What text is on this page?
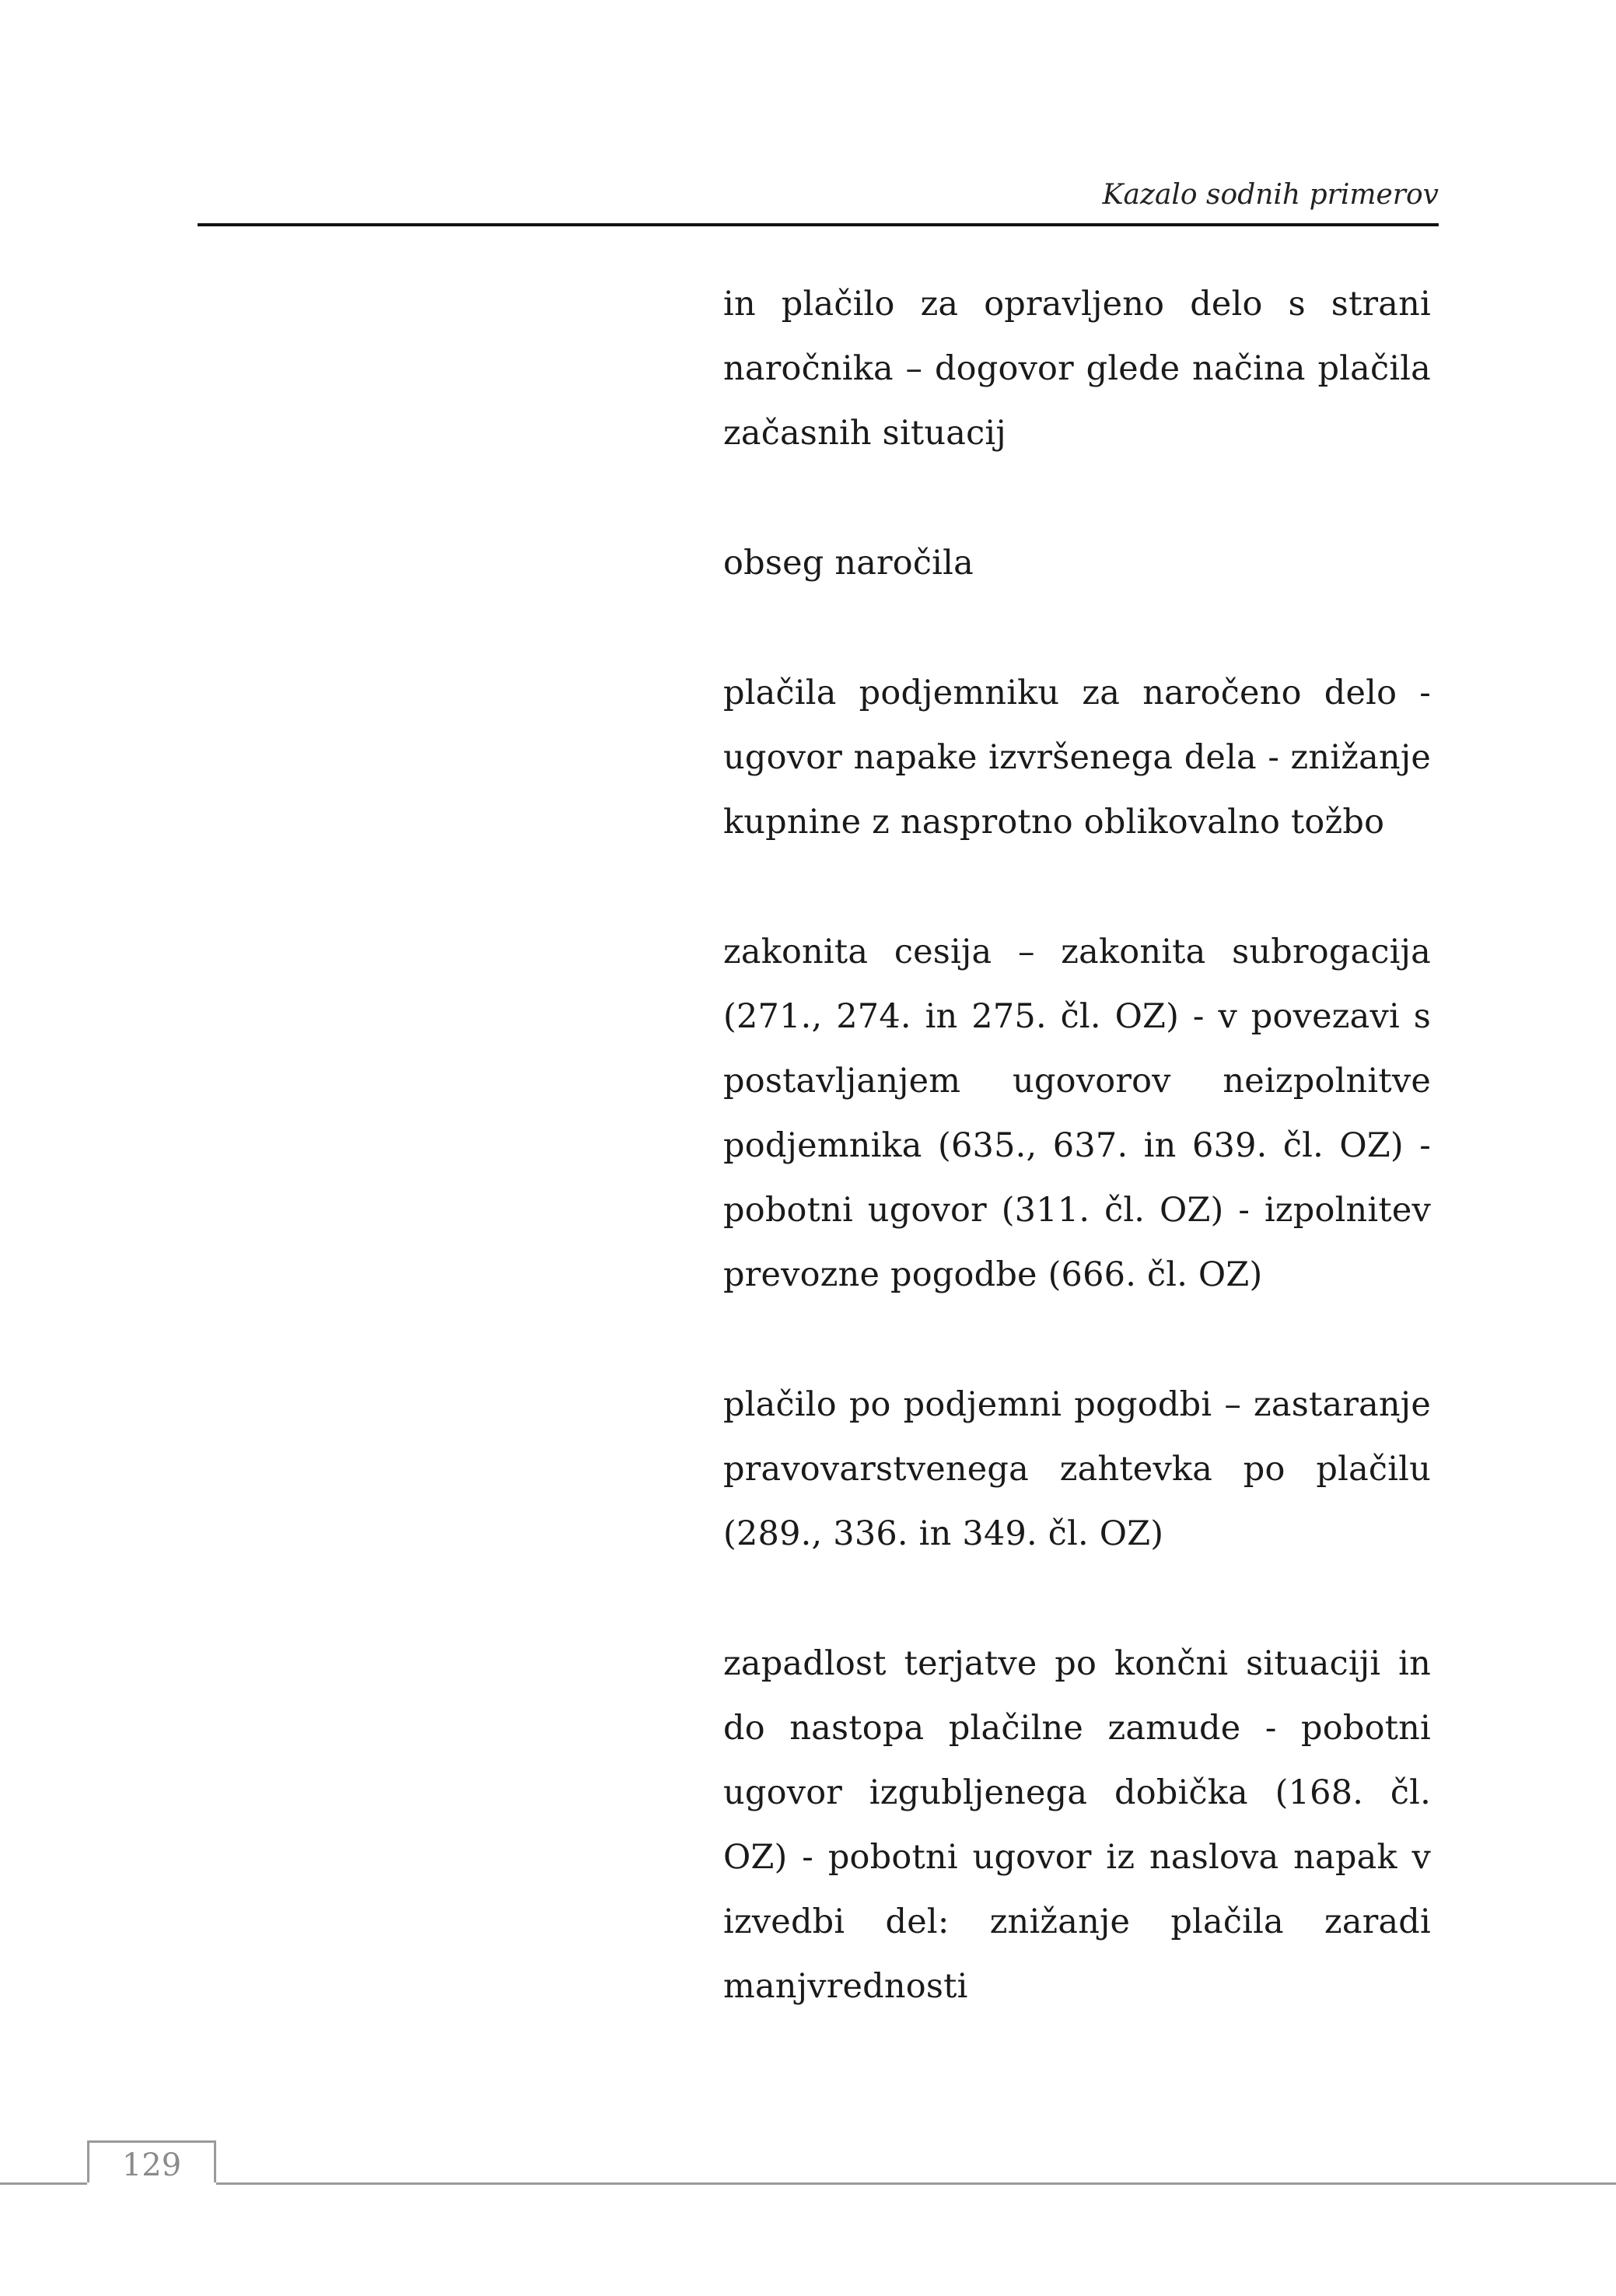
Kazalo sodnih primerov

in plačilo za opravljeno delo s strani naročnika – dogovor glede načina plačila začasnih situacij

obseg naročila

plačila podjemniku za naročeno delo - ugovor napake izvršenega dela - znižanje kupnine z nasprotno oblikovalno tožbo

zakonita cesija – zakonita subrogacija (271., 274. in 275. čl. OZ) - v povezavi s postavljanjem ugovorov neizpolnitve podjemnika (635., 637. in 639. čl. OZ) - pobotni ugovor (311. čl. OZ) - izpolnitev prevozne pogodbe (666. čl. OZ)

plačilo po podjemni pogodbi – zastaranje pravovarstvenega zahtevka po plačilu (289., 336. in 349. čl. OZ)

zapadlost terjatve po končni situaciji in do nastopa plačilne zamude - pobotni ugovor izgubljenega dobička (168. čl. OZ) - pobotni ugovor iz naslova napak v izvedbi del: znižanje plačila zaradi manjvrednosti

129
